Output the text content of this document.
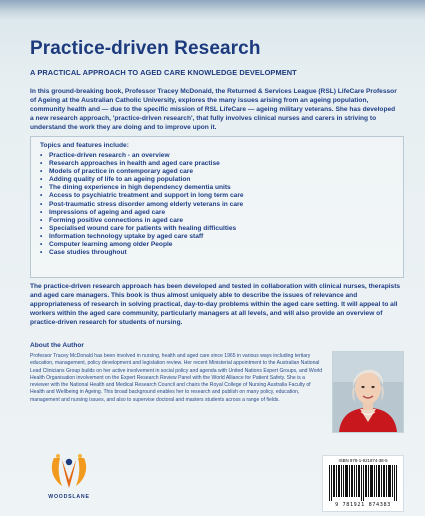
Practice-driven Research
A PRACTICAL APPROACH TO AGED CARE KNOWLEDGE DEVELOPMENT

In this ground-breaking book, Professor Tracey McDonald, the Returned & Services League (RSL) LifeCare Professor of Ageing at the Australian Catholic University, explores the many issues arising from an ageing population, community health and — due to the specific mission of RSL LifeCare — ageing military veterans. She has developed a new research approach, 'practice-driven research', that fully involves clinical nurses and carers in striving to understand the work they are doing and to improve upon it.

Topics and features include:
• Practice-driven research - an overview
• Research approaches in health and aged care practise
• Models of practice in contemporary aged care
• Adding quality of life to an ageing population
• The dining experience in high dependency dementia units
• Access to psychiatric treatment and support in long term care
• Post-traumatic stress disorder among elderly veterans in care
• Impressions of ageing and aged care
• Forming positive connections in aged care
• Specialised wound care for patients with healing difficulties
• Information technology uptake by aged care staff
• Computer learning among older People
• Case studies throughout

The practice-driven research approach has been developed and tested in collaboration with clinical nurses, therapists and aged care managers. This book is thus almost uniquely able to describe the issues of relevance and appropriateness of research in solving practical, day-to-day problems within the aged care setting. It will appeal to all workers within the aged care community, particularly managers at all levels, and will also provide an overview of practice-driven research for students of nursing.

About the Author

Professor Tracey McDonald has been involved in nursing, health and aged care since 1965 in various ways including tertiary education, management, policy development and legislation review. Her recent Ministerial appointment to the Australian National Lead Clinicians Group builds on her active involvement in social policy and agenda with United Nations Expert Groups, and World Health Organisation involvement on the Expert Research Review Panel with the World Alliance for Patient Safety. She is a reviewer with the National Health and Medical Research Council and chairs the Royal College of Nursing Australia Faculty of Health and Wellbeing in Ageing. This broad background enables her to research and publish on many policy, education, management and nursing issues, and also to supervise doctoral and masters students across a range of fields.

WOODSLANE
ISBN 978-1-921874-38-5
9 781921 874383
